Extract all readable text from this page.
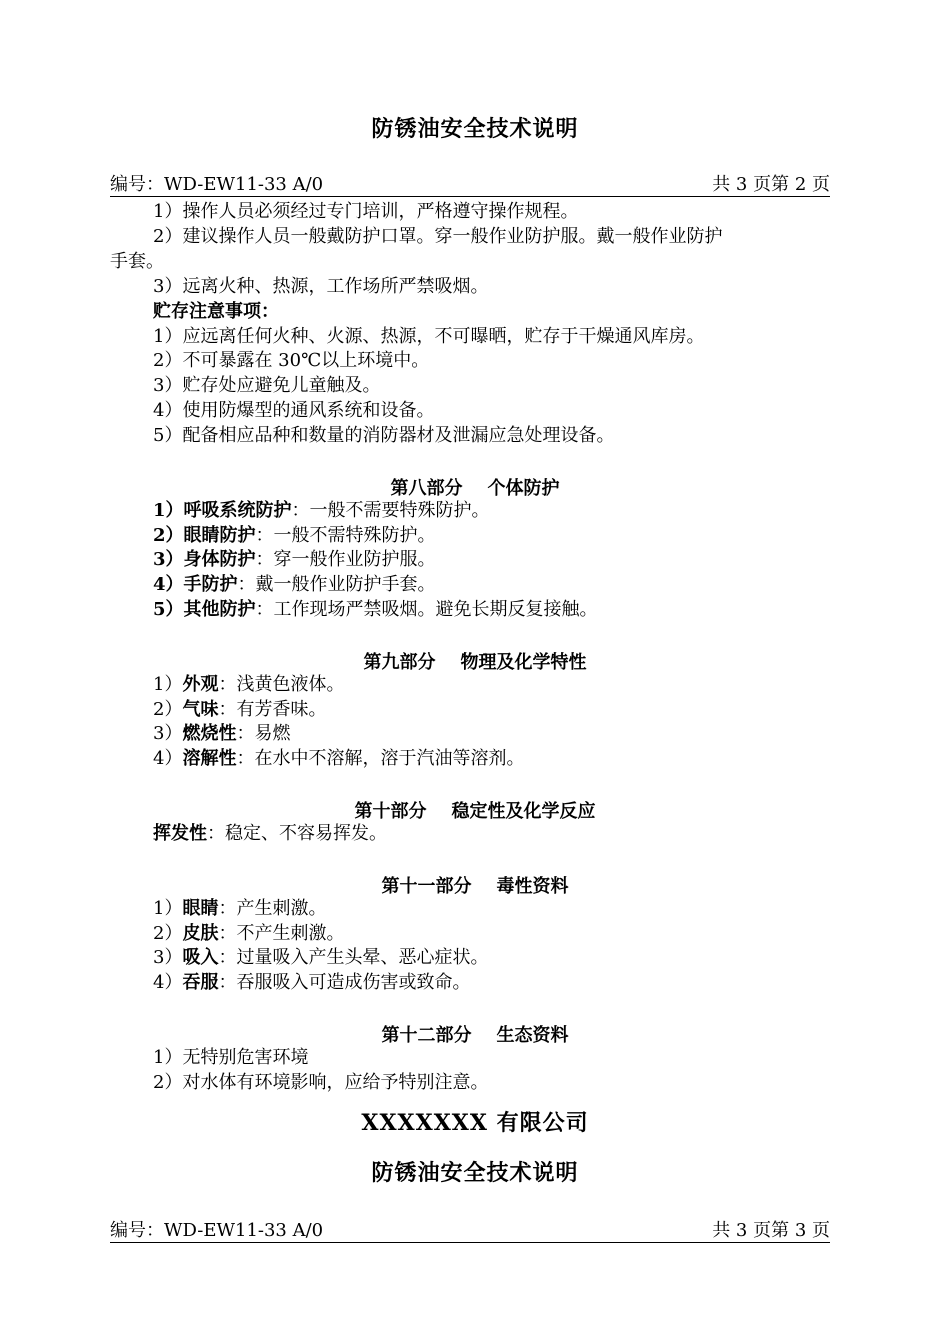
防锈油安全技术说明
编号：WD-EW11-33 A/0	共 3 页第 2 页
1）操作人员必须经过专门培训，严格遵守操作规程。
2）建议操作人员一般戴防护口罩。穿一般作业防护服。戴一般作业防护
手套。
3）远离火种、热源，工作场所严禁吸烟。
贮存注意事项：
1）应远离任何火种、火源、热源，不可曝晒，贮存于干燥通风库房。
2）不可暴露在 30℃以上环境中。
3）贮存处应避免儿童触及。
4）使用防爆型的通风系统和设备。
5）配备相应品种和数量的消防器材及泄漏应急处理设备。
第八部分    个体防护
1）呼吸系统防护：一般不需要特殊防护。
2）眼睛防护：一般不需特殊防护。
3）身体防护：穿一般作业防护服。
4）手防护：戴一般作业防护手套。
5）其他防护：工作现场严禁吸烟。避免长期反复接触。
第九部分    物理及化学特性
1）外观：浅黄色液体。
2）气味：有芳香味。
3）燃烧性：易燃
4）溶解性：在水中不溶解，溶于汽油等溶剂。
第十部分    稳定性及化学反应
挥发性：稳定、不容易挥发。
第十一部分    毒性资料
1）眼睛：产生刺激。
2）皮肤：不产生刺激。
3）吸入：过量吸入产生头晕、恶心症状。
4）吞服：吞服吸入可造成伤害或致命。
第十二部分    生态资料
1）无特别危害环境
2）对水体有环境影响，应给予特别注意。
XXXXXXX 有限公司
防锈油安全技术说明
编号：WD-EW11-33 A/0	共 3 页第 3 页
